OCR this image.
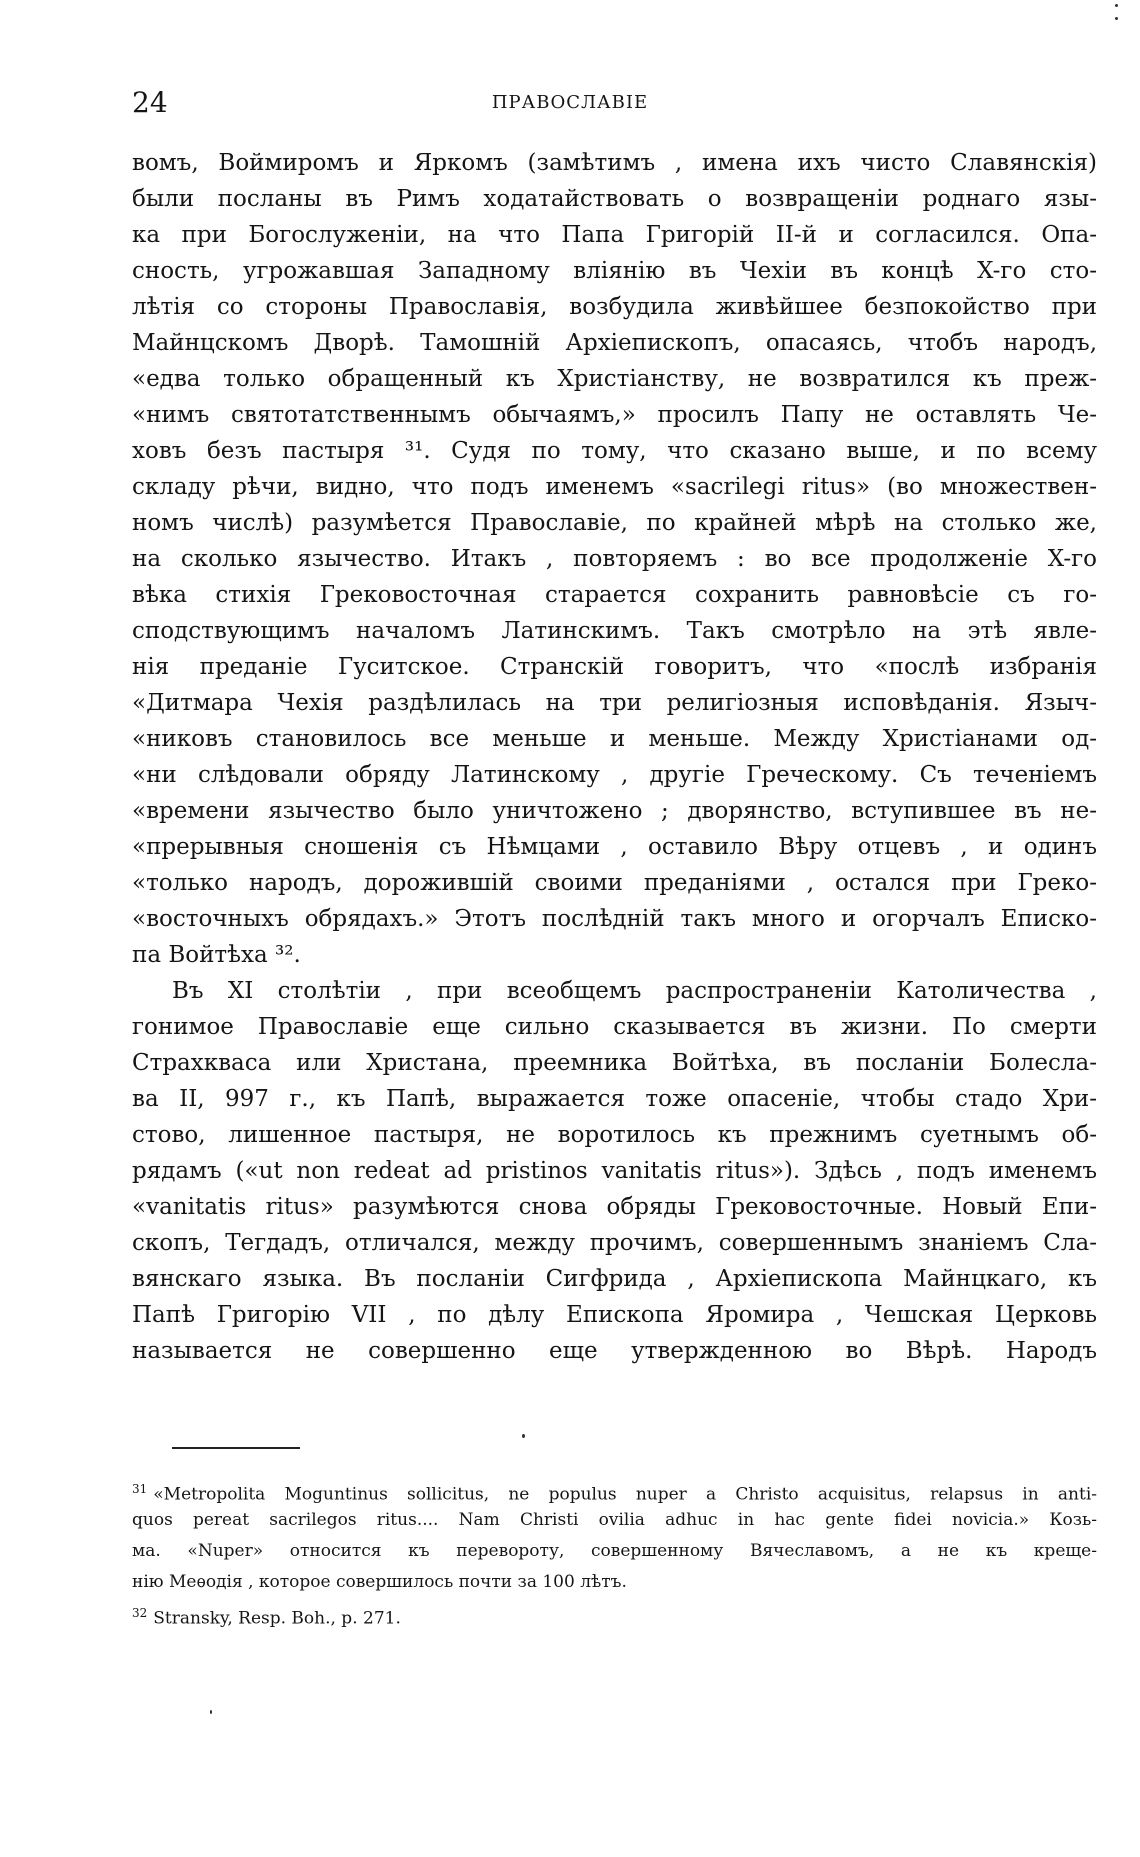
24	ПРАВОСЛАВІЕ
вомъ, Воймиромъ и Яркомъ (замѣтимъ , имена ихъ чисто Славянскія)
были посланы въ Римъ ходатайствовать о возвращеніи роднаго язы-
ка при Богослуженіи, на что Папа Григорій II-й и согласился. Опа-
сность, угрожавшая Западному вліянію въ Чехіи въ концѣ X-го сто-
лѣтія со стороны Православія, возбудила живѣйшее безпокойство при
Майнцскомъ Дворѣ. Тамошній Архіепископъ, опасаясь, чтобъ народъ,
«едва только обращенный къ Христіанству, не возвратился къ преж-
«нимъ святотатственнымъ обычаямъ,» просилъ Папу не оставлять Че-
ховъ безъ пастыря ³¹. Судя по тому, что сказано выше, и по всему
складу рѣчи, видно, что подъ именемъ «sacrilegi ritus» (во множествен-
номъ числѣ) разумѣется Православіе, по крайней мѣрѣ на столько же,
на сколько язычество. Итакъ , повторяемъ : во все продолженіе X-го
вѣка стихія Грековосточная старается сохранить равновѣсіе съ го-
сподствующимъ началомъ Латинскимъ. Такъ смотрѣло на этѣ явле-
нія преданіе Гуситское. Странскій говоритъ, что «послѣ избранія
«Дитмара Чехія раздѣлилась на три религіозныя исповѣданія. Языч-
«никовъ становилось все меньше и меньше. Между Христіанами од-
«ни слѣдовали обряду Латинскому , другіе Греческому. Съ теченіемъ
«времени язычество было уничтожено ; дворянство, вступившее въ не-
«прерывныя сношенія съ Нѣмцами , оставило Вѣру отцевъ , и одинъ
«только народъ, дорожившій своими преданіями , остался при Греко-
«восточныхъ обрядахъ.» Этотъ послѣдній такъ много и огорчалъ Еписко-
па Войтѣха ³².
Въ XI столѣтіи , при всеобщемъ распространеніи Католичества ,
гонимое Православіе еще сильно сказывается въ жизни. По смерти
Страхкваса или Христана, преемника Войтѣха, въ посланіи Болесла-
ва II, 997 г., къ Папѣ, выражается тоже опасеніе, чтобы стадо Хри-
стово, лишенное пастыря, не воротилось къ прежнимъ суетнымъ об-
рядамъ («ut non redeat ad pristinos vanitatis ritus»). Здѣсь , подъ именемъ
«vanitatis ritus» разумѣются снова обряды Грековосточные. Новый Епи-
скопъ, Тегдадъ, отличался, между прочимъ, совершеннымъ знаніемъ Сла-
вянскаго языка. Въ посланіи Сигфрида , Архіепископа Майнцкаго, къ
Папѣ Григорію VII , по дѣлу Епископа Яромира , Чешская Церковь
называется не совершенно еще утвержденною во Вѣрѣ. Народъ
$^{31}$ «Metropolita Moguntinus sollicitus, ne populus nuper a Christo acquisitus, relapsus in anti-
quos pereat sacrilegos ritus.... Nam Christi ovilia adhuc in hac gente fidei novicia.» Козь-
ма. «Nuper» относится къ перевороту, совершенному Вячеславомъ, а не къ креще-
нію Меѳодія , которое совершилось почти за 100 лѣтъ.
$^{32}$ Stransky, Resp. Boh., p. 271.
